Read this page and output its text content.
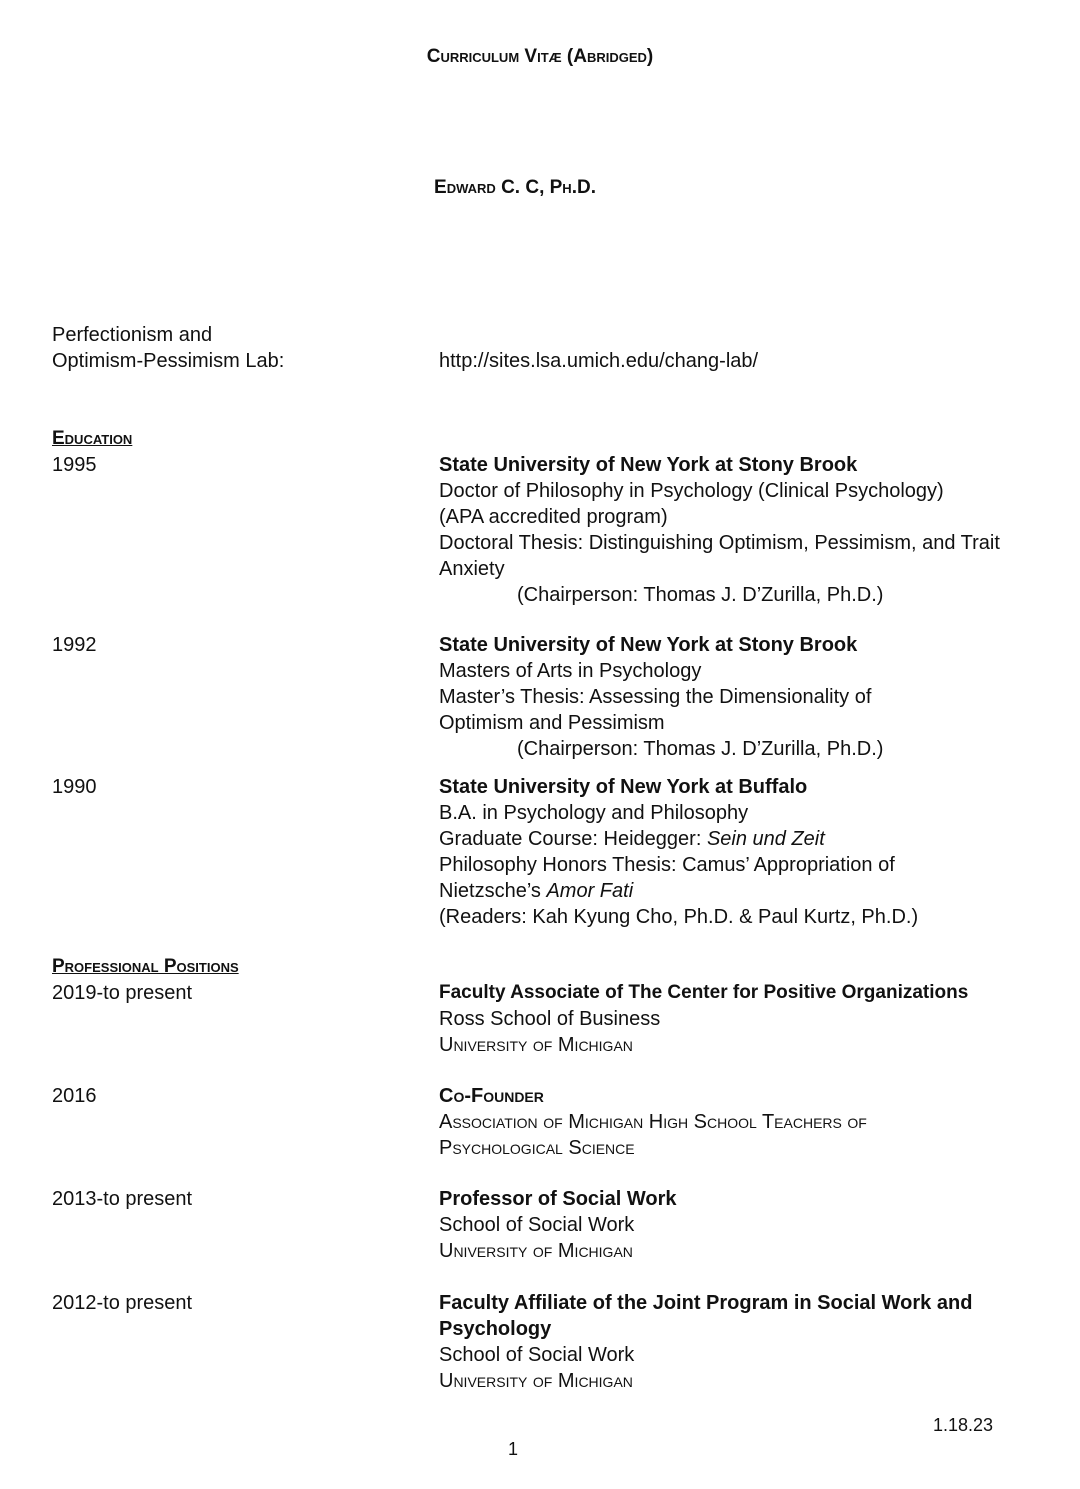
Curriculum Vitæ (Abridged)
Edward C. C, Ph.D.
Perfectionism and
Optimism-Pessimism Lab:	http://sites.lsa.umich.edu/chang-lab/
Education
1995	State University of New York at Stony Brook
Doctor of Philosophy in Psychology (Clinical Psychology)
(APA accredited program)
Doctoral Thesis: Distinguishing Optimism, Pessimism, and Trait Anxiety
(Chairperson: Thomas J. D’Zurilla, Ph.D.)
1992	State University of New York at Stony Brook
Masters of Arts in Psychology
Master’s Thesis: Assessing the Dimensionality of Optimism and Pessimism
(Chairperson: Thomas J. D’Zurilla, Ph.D.)
1990	State University of New York at Buffalo
B.A. in Psychology and Philosophy
Graduate Course: Heidegger: Sein und Zeit
Philosophy Honors Thesis: Camus’ Appropriation of
Nietzsche’s Amor Fati
(Readers: Kah Kyung Cho, Ph.D. & Paul Kurtz, Ph.D.)
Professional Positions
2019-to present	Faculty Associate of The Center for Positive Organizations
Ross School of Business
University of Michigan
2016	Co-Founder
Association of Michigan High School Teachers of
Psychological Science
2013-to present	Professor of Social Work
School of Social Work
University of Michigan
2012-to present	Faculty Affiliate of the Joint Program in Social Work and Psychology
School of Social Work
University of Michigan
1.18.23
1
